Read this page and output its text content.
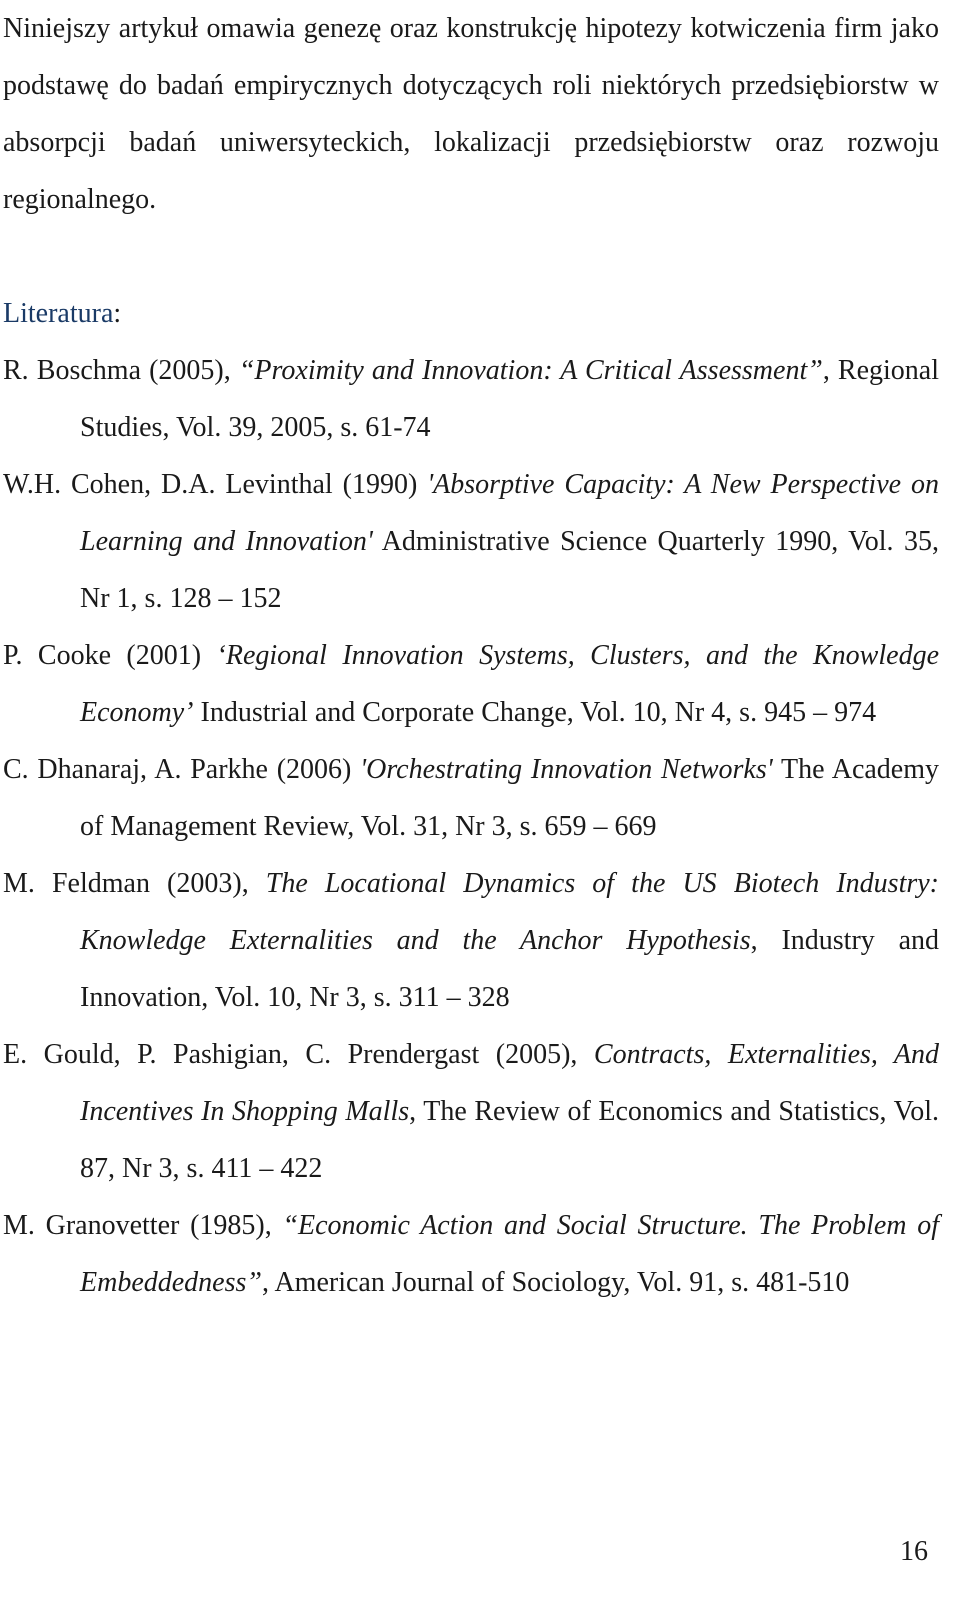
Niniejszy artykuł omawia genezę oraz konstrukcję hipotezy kotwiczenia firm jako podstawę do badań empirycznych dotyczących roli niektórych przedsiębiorstw w absorpcji badań uniwersyteckich, lokalizacji przedsiębiorstw oraz rozwoju regionalnego.

Literatura:
R. Boschma (2005), “Proximity and Innovation: A Critical Assessment”, Regional Studies, Vol. 39, 2005, s. 61-74
W.H. Cohen, D.A. Levinthal (1990) 'Absorptive Capacity: A New Perspective on Learning and Innovation' Administrative Science Quarterly 1990, Vol. 35, Nr 1, s. 128 – 152
P. Cooke (2001) ‘Regional Innovation Systems, Clusters, and the Knowledge Economy’ Industrial and Corporate Change, Vol. 10, Nr 4, s. 945 – 974
C. Dhanaraj, A. Parkhe (2006) 'Orchestrating Innovation Networks' The Academy of Management Review, Vol. 31, Nr 3, s. 659 – 669
M. Feldman (2003), The Locational Dynamics of the US Biotech Industry: Knowledge Externalities and the Anchor Hypothesis, Industry and Innovation, Vol. 10, Nr 3, s. 311 – 328
E. Gould, P. Pashigian, C. Prendergast (2005), Contracts, Externalities, And Incentives In Shopping Malls, The Review of Economics and Statistics, Vol. 87, Nr 3, s. 411 – 422
M. Granovetter (1985), “Economic Action and Social Structure. The Problem of Embeddedness”, American Journal of Sociology, Vol. 91, s. 481-510
16
